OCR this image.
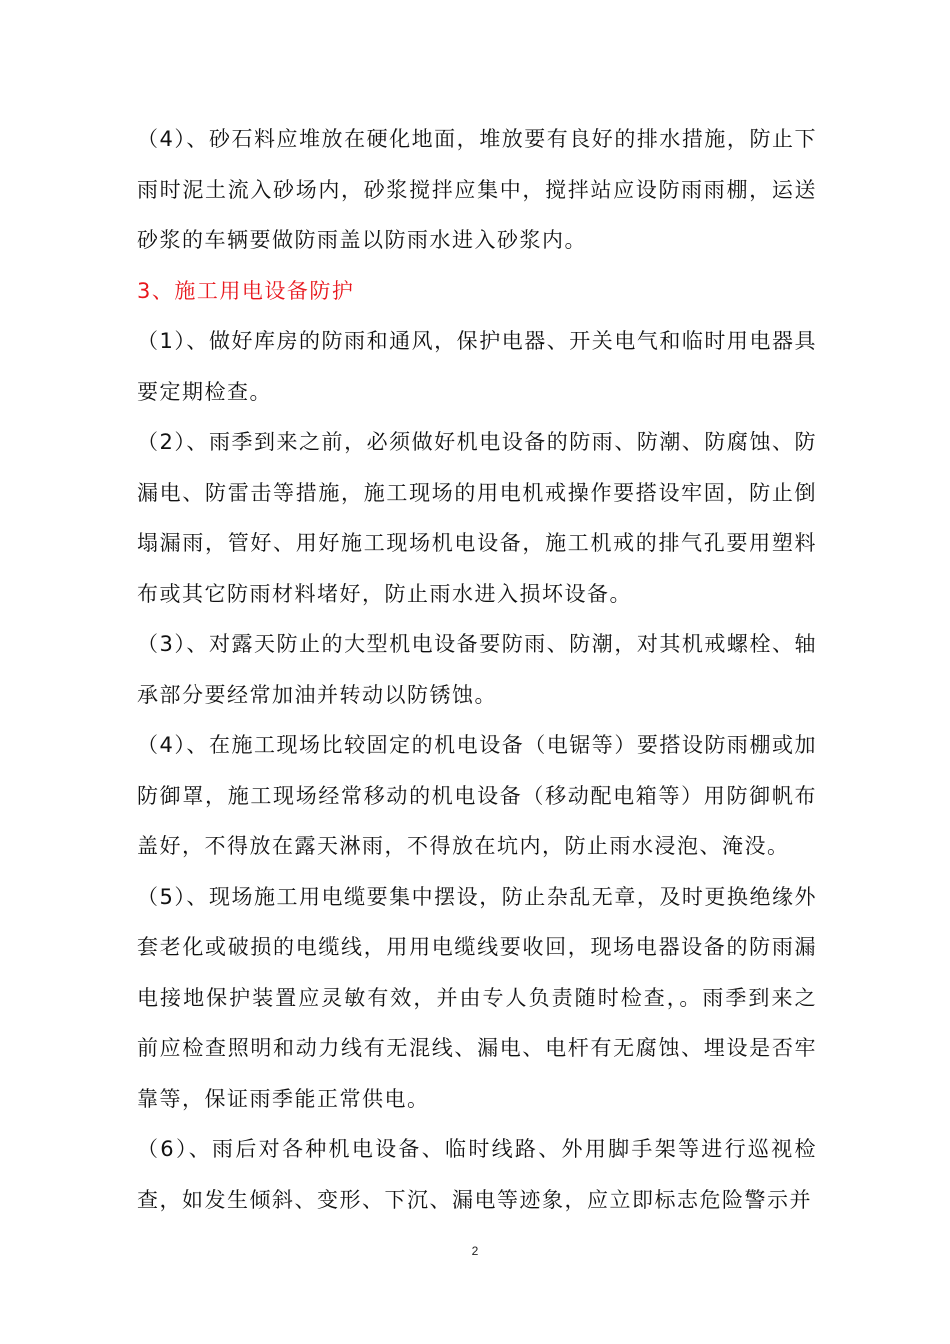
（4）、砂石料应堆放在硬化地面，堆放要有良好的排水措施，防止下雨时泥土流入砂场内，砂浆搅拌应集中，搅拌站应设防雨雨棚，运送砂浆的车辆要做防雨盖以防雨水进入砂浆内。

3、施工用电设备防护

（1）、做好库房的防雨和通风，保护电器、开关电气和临时用电器具要定期检查。

（2）、雨季到来之前，必须做好机电设备的防雨、防潮、防腐蚀、防漏电、防雷击等措施，施工现场的用电机戒操作要搭设牢固，防止倒塌漏雨，管好、用好施工现场机电设备，施工机戒的排气孔要用塑料布或其它防雨材料堵好，防止雨水进入损坏设备。

（3）、对露天防止的大型机电设备要防雨、防潮，对其机戒螺栓、轴承部分要经常加油并转动以防锈蚀。

（4）、在施工现场比较固定的机电设备（电锯等）要搭设防雨棚或加防御罩，施工现场经常移动的机电设备（移动配电箱等）用防御帆布盖好，不得放在露天淋雨，不得放在坑内，防止雨水浸泡、淹没。

（5）、现场施工用电缆要集中摆设，防止杂乱无章，及时更换绝缘外套老化或破损的电缆线，用用电缆线要收回，现场电器设备的防雨漏电接地保护装置应灵敏有效，并由专人负责随时检查，。雨季到来之前应检查照明和动力线有无混线、漏电、电杆有无腐蚀、埋设是否牢靠等，保证雨季能正常供电。

（6）、雨后对各种机电设备、临时线路、外用脚手架等进行巡视检查，如发生倾斜、变形、下沉、漏电等迹象，应立即标志危险警示并

2
